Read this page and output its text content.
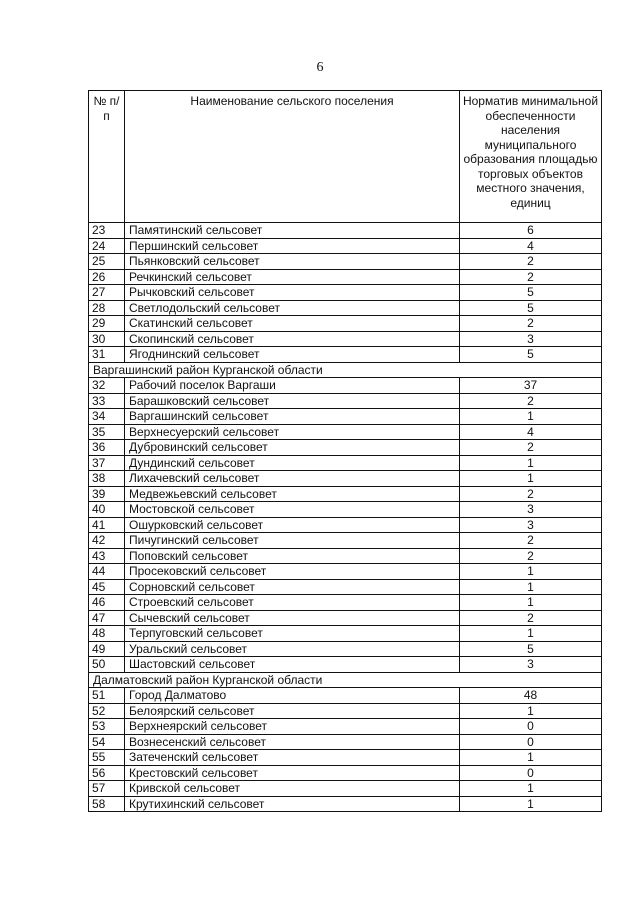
6
№ п/п	Наименование сельского поселения	Норматив минимальной обеспеченности населения муниципального образования площадью торговых объектов местного значения, единиц
23	Памятинский сельсовет	6
24	Першинский сельсовет	4
25	Пьянковский сельсовет	2
26	Речкинский сельсовет	2
27	Рычковский сельсовет	5
28	Светлодольский сельсовет	5
29	Скатинский сельсовет	2
30	Скопинский сельсовет	3
31	Ягоднинский сельсовет	5
Варгашинский район Курганской области		
32	Рабочий поселок Варгаши	37
33	Барашковский сельсовет	2
34	Варгашинский сельсовет	1
35	Верхнесуерский сельсовет	4
36	Дубровинский сельсовет	2
37	Дундинский сельсовет	1
38	Лихачевский сельсовет	1
39	Медвежьевский сельсовет	2
40	Мостовской сельсовет	3
41	Ошурковский сельсовет	3
42	Пичугинский сельсовет	2
43	Поповский сельсовет	2
44	Просековский сельсовет	1
45	Сорновский сельсовет	1
46	Строевский сельсовет	1
47	Сычевский сельсовет	2
48	Терпуговский сельсовет	1
49	Уральский сельсовет	5
50	Шастовский сельсовет	3
Далматовский район Курганской области		
51	Город Далматово	48
52	Белоярский сельсовет	1
53	Верхнеярский сельсовет	0
54	Вознесенский сельсовет	0
55	Затеченский сельсовет	1
56	Крестовский сельсовет	0
57	Кривской сельсовет	1
58	Крутихинский сельсовет	1
